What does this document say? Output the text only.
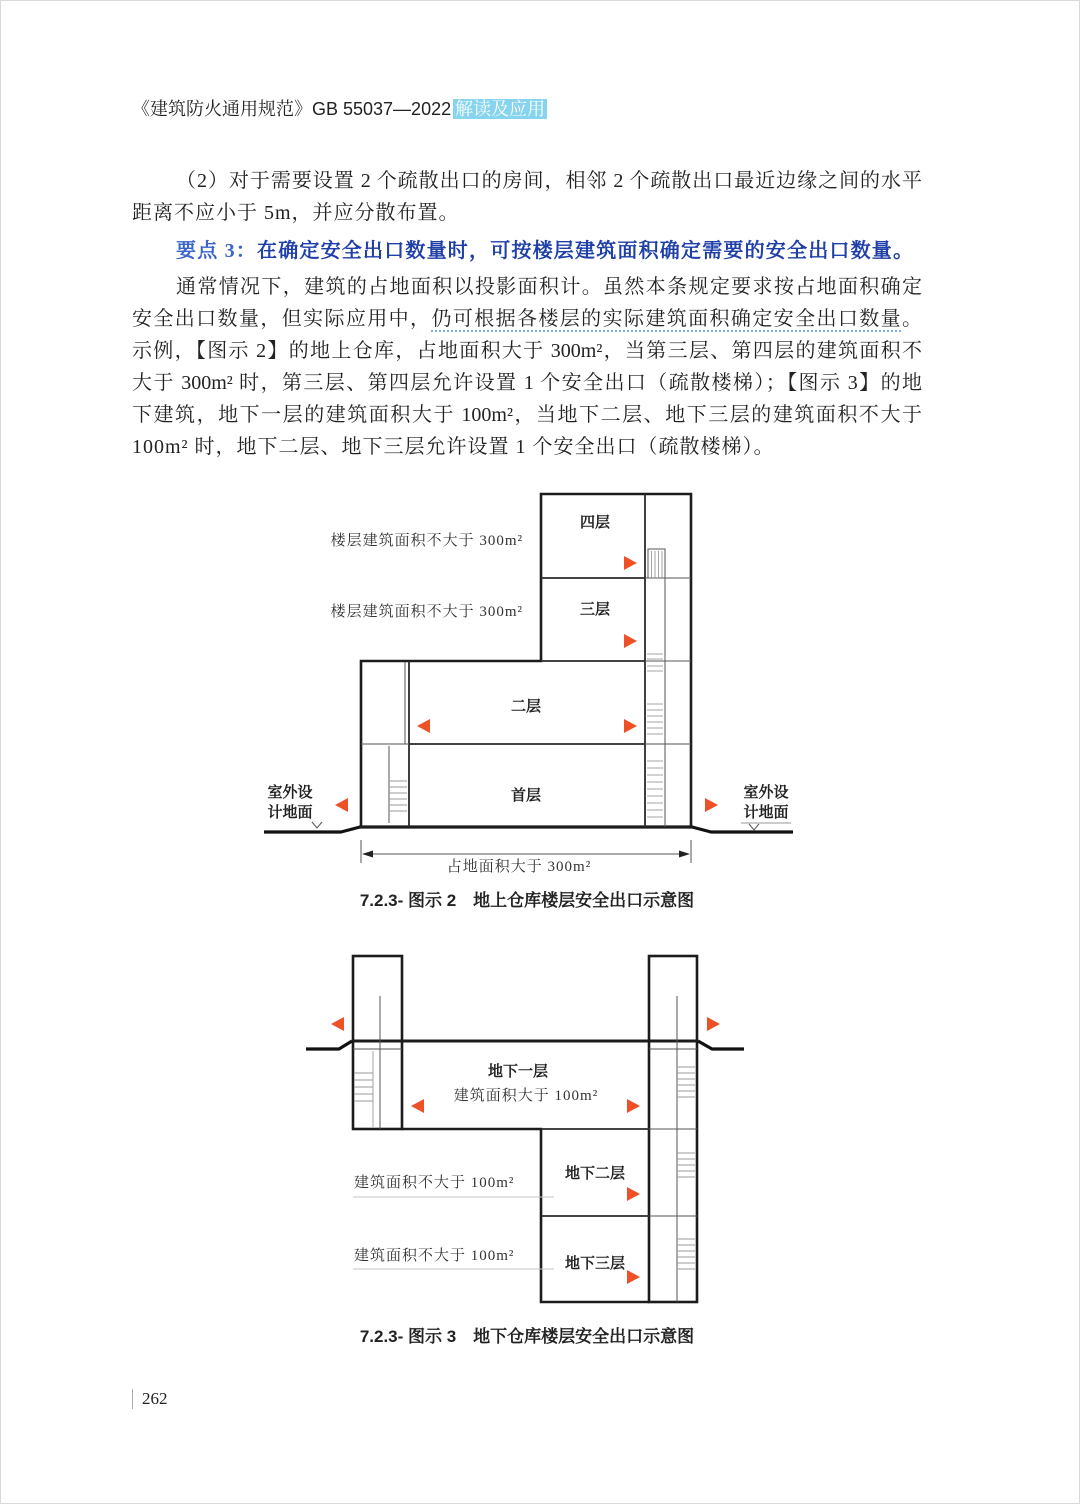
《建筑防火通用规范》GB 55037—2022 解读及应用
（2）对于需要设置 2 个疏散出口的房间，相邻 2 个疏散出口最近边缘之间的水平
距离不应小于 5m，并应分散布置。
要点 3：在确定安全出口数量时，可按楼层建筑面积确定需要的安全出口数量。
通常情况下，建筑的占地面积以投影面积计。虽然本条规定要求按占地面积确定
安全出口数量，但实际应用中，仍可根据各楼层的实际建筑面积确定安全出口数量。
示例，【图示 2】的地上仓库，占地面积大于 300m²，当第三层、第四层的建筑面积不
大于 300m² 时，第三层、第四层允许设置 1 个安全出口（疏散楼梯）；【图示 3】的地
下建筑，地下一层的建筑面积大于 100m²，当地下二层、地下三层的建筑面积不大于
100m² 时，地下二层、地下三层允许设置 1 个安全出口（疏散楼梯）。
四层
三层
二层
首层
楼层建筑面积不大于 300m²
楼层建筑面积不大于 300m²
室外设
计地面
室外设
计地面
占地面积大于 300m²
7.2.3- 图示 2　地上仓库楼层安全出口示意图
地下一层
建筑面积大于 100m²
地下二层
地下三层
建筑面积不大于 100m²
建筑面积不大于 100m²
7.2.3- 图示 3　地下仓库楼层安全出口示意图
262
